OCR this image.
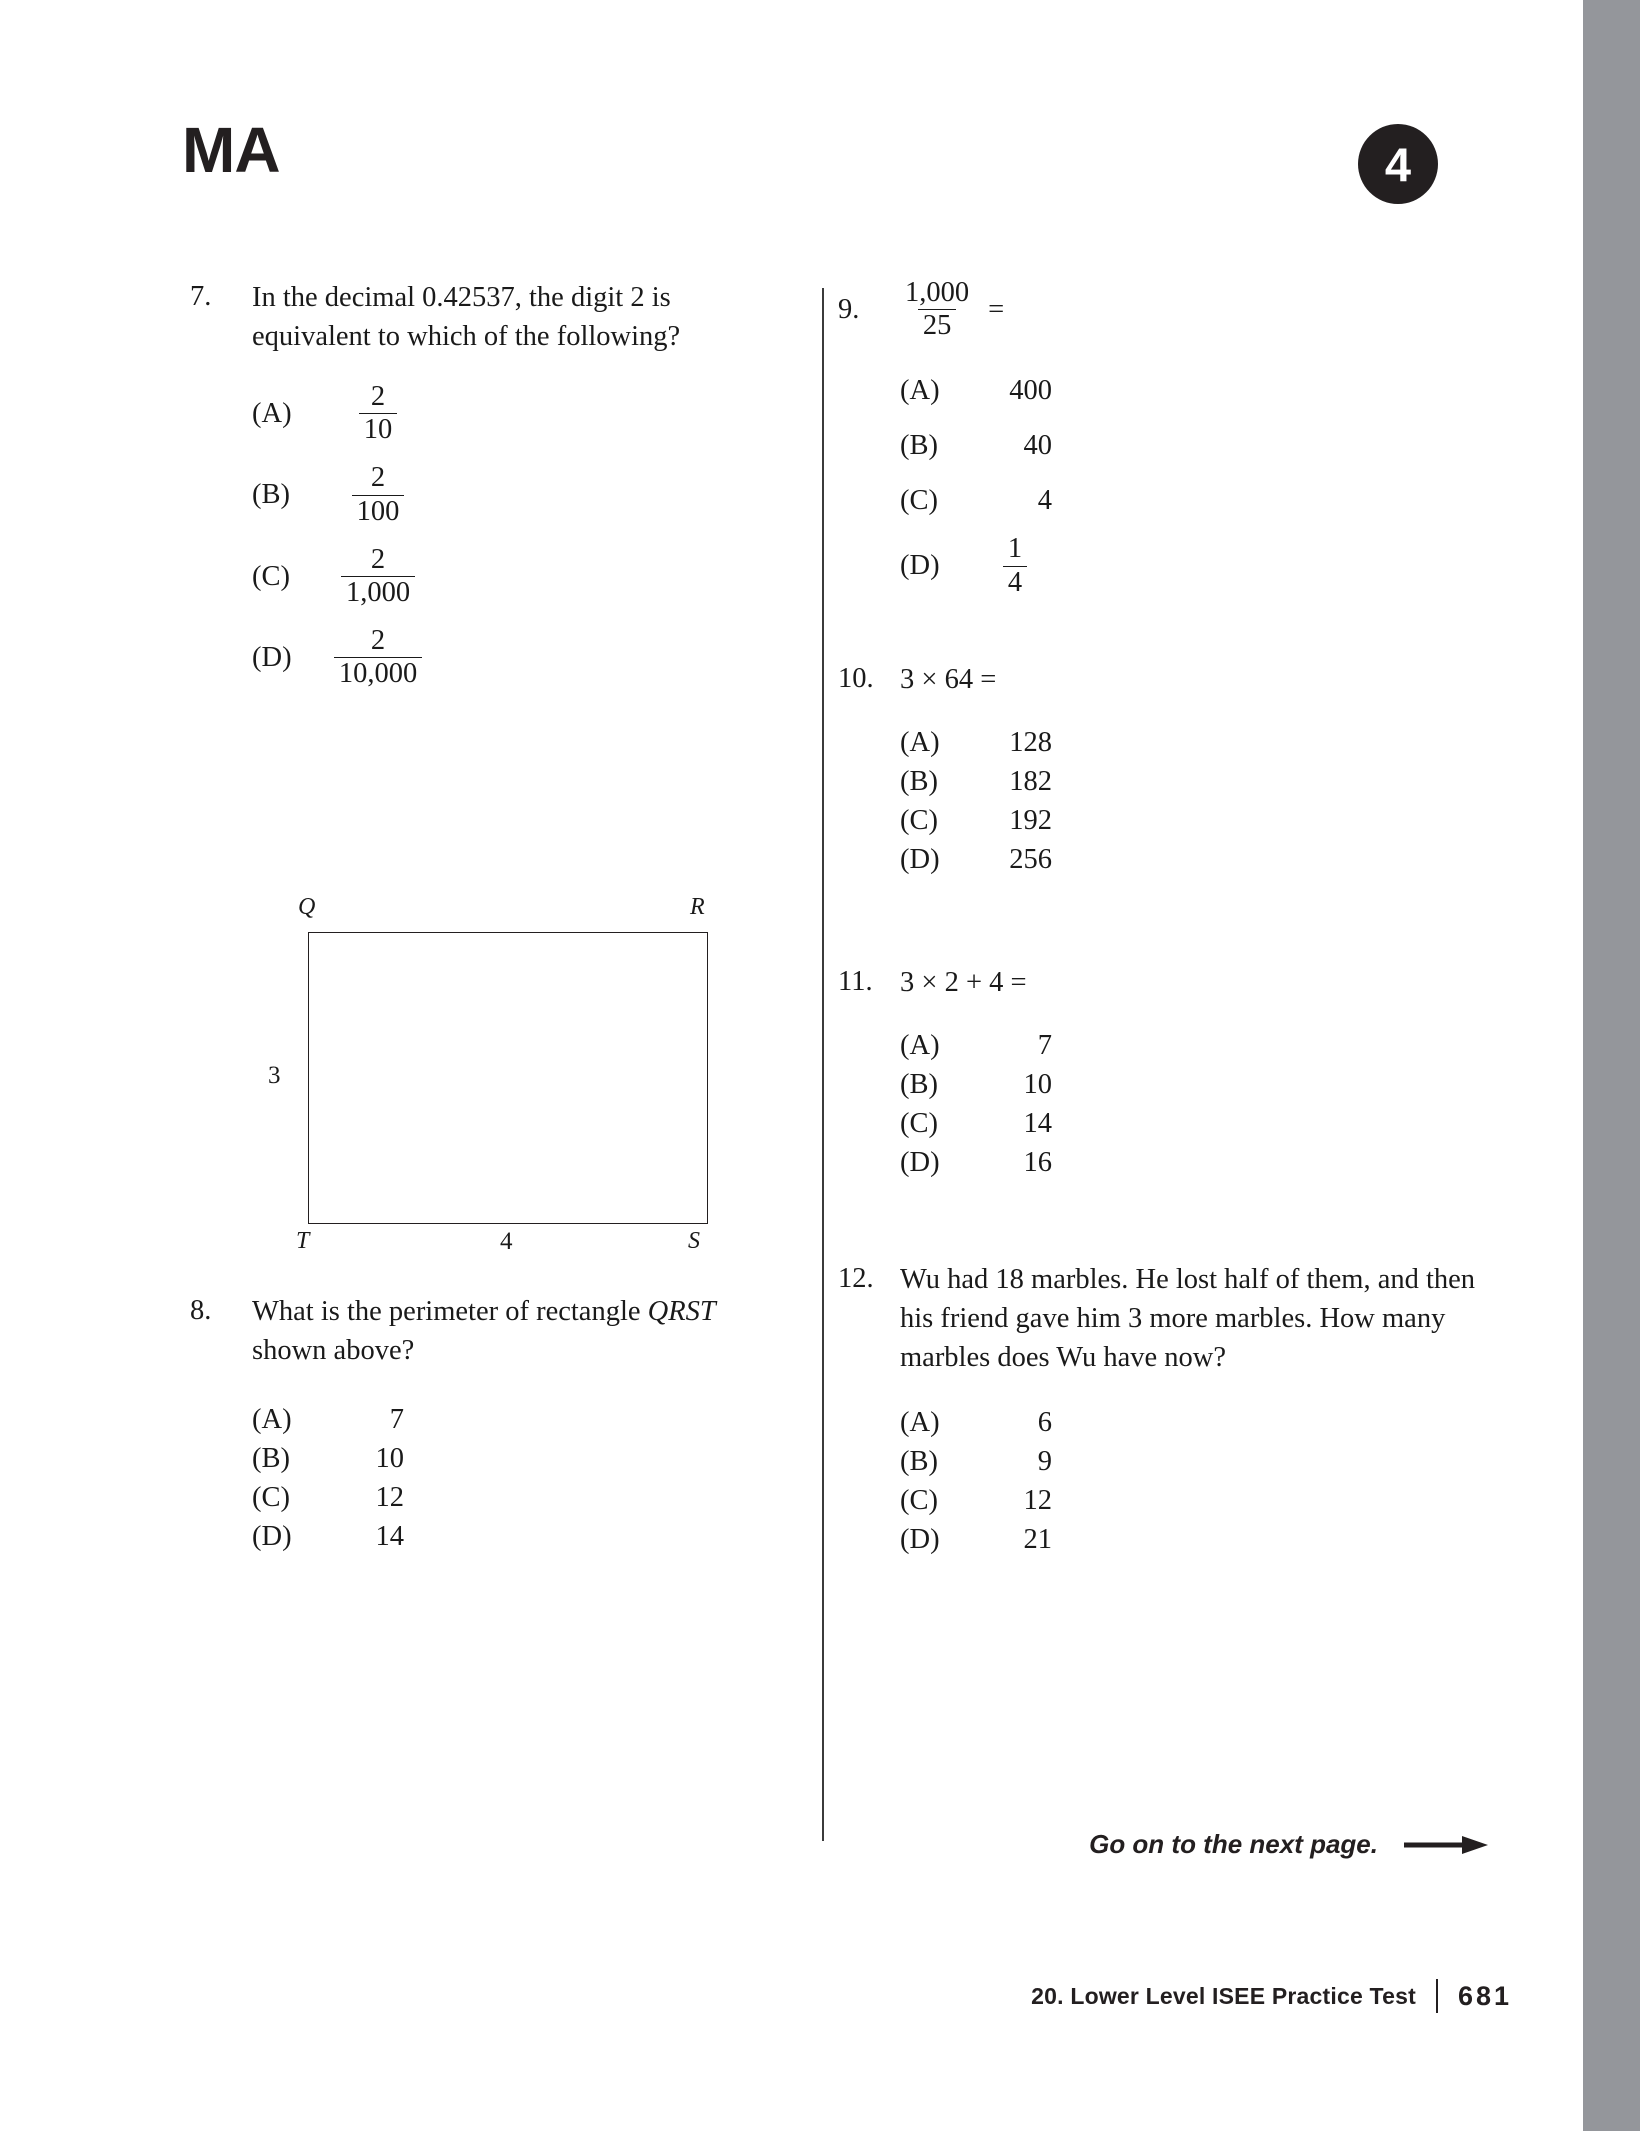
MA	4
7.	In the decimal 0.42537, the digit 2 is equivalent to which of the following?
(A)	$\frac{2}{10}$
(B)	$\frac{2}{100}$
(C)	$\frac{2}{1,000}$
(D)	$\frac{2}{10,000}$
Q	R
T	S
3
4
8.	What is the perimeter of rectangle QRST shown above?
(A)	7
(B)	10
(C)	12
(D)	14
9.	$\frac{1,000}{25}$ =
(A)	400
(B)	40
(C)	4
(D)	$\frac{1}{4}$
10. 3 × 64 =
(A)	128
(B)	182
(C)	192
(D)	256
11. 3 × 2 + 4 =
(A)	7
(B)	10
(C)	14
(D)	16
12. Wu had 18 marbles. He lost half of them, and then his friend gave him 3 more marbles. How many marbles does Wu have now?
(A)	6
(B)	9
(C)	12
(D)	21
Go on to the next page.
20. Lower Level ISEE Practice Test 681
